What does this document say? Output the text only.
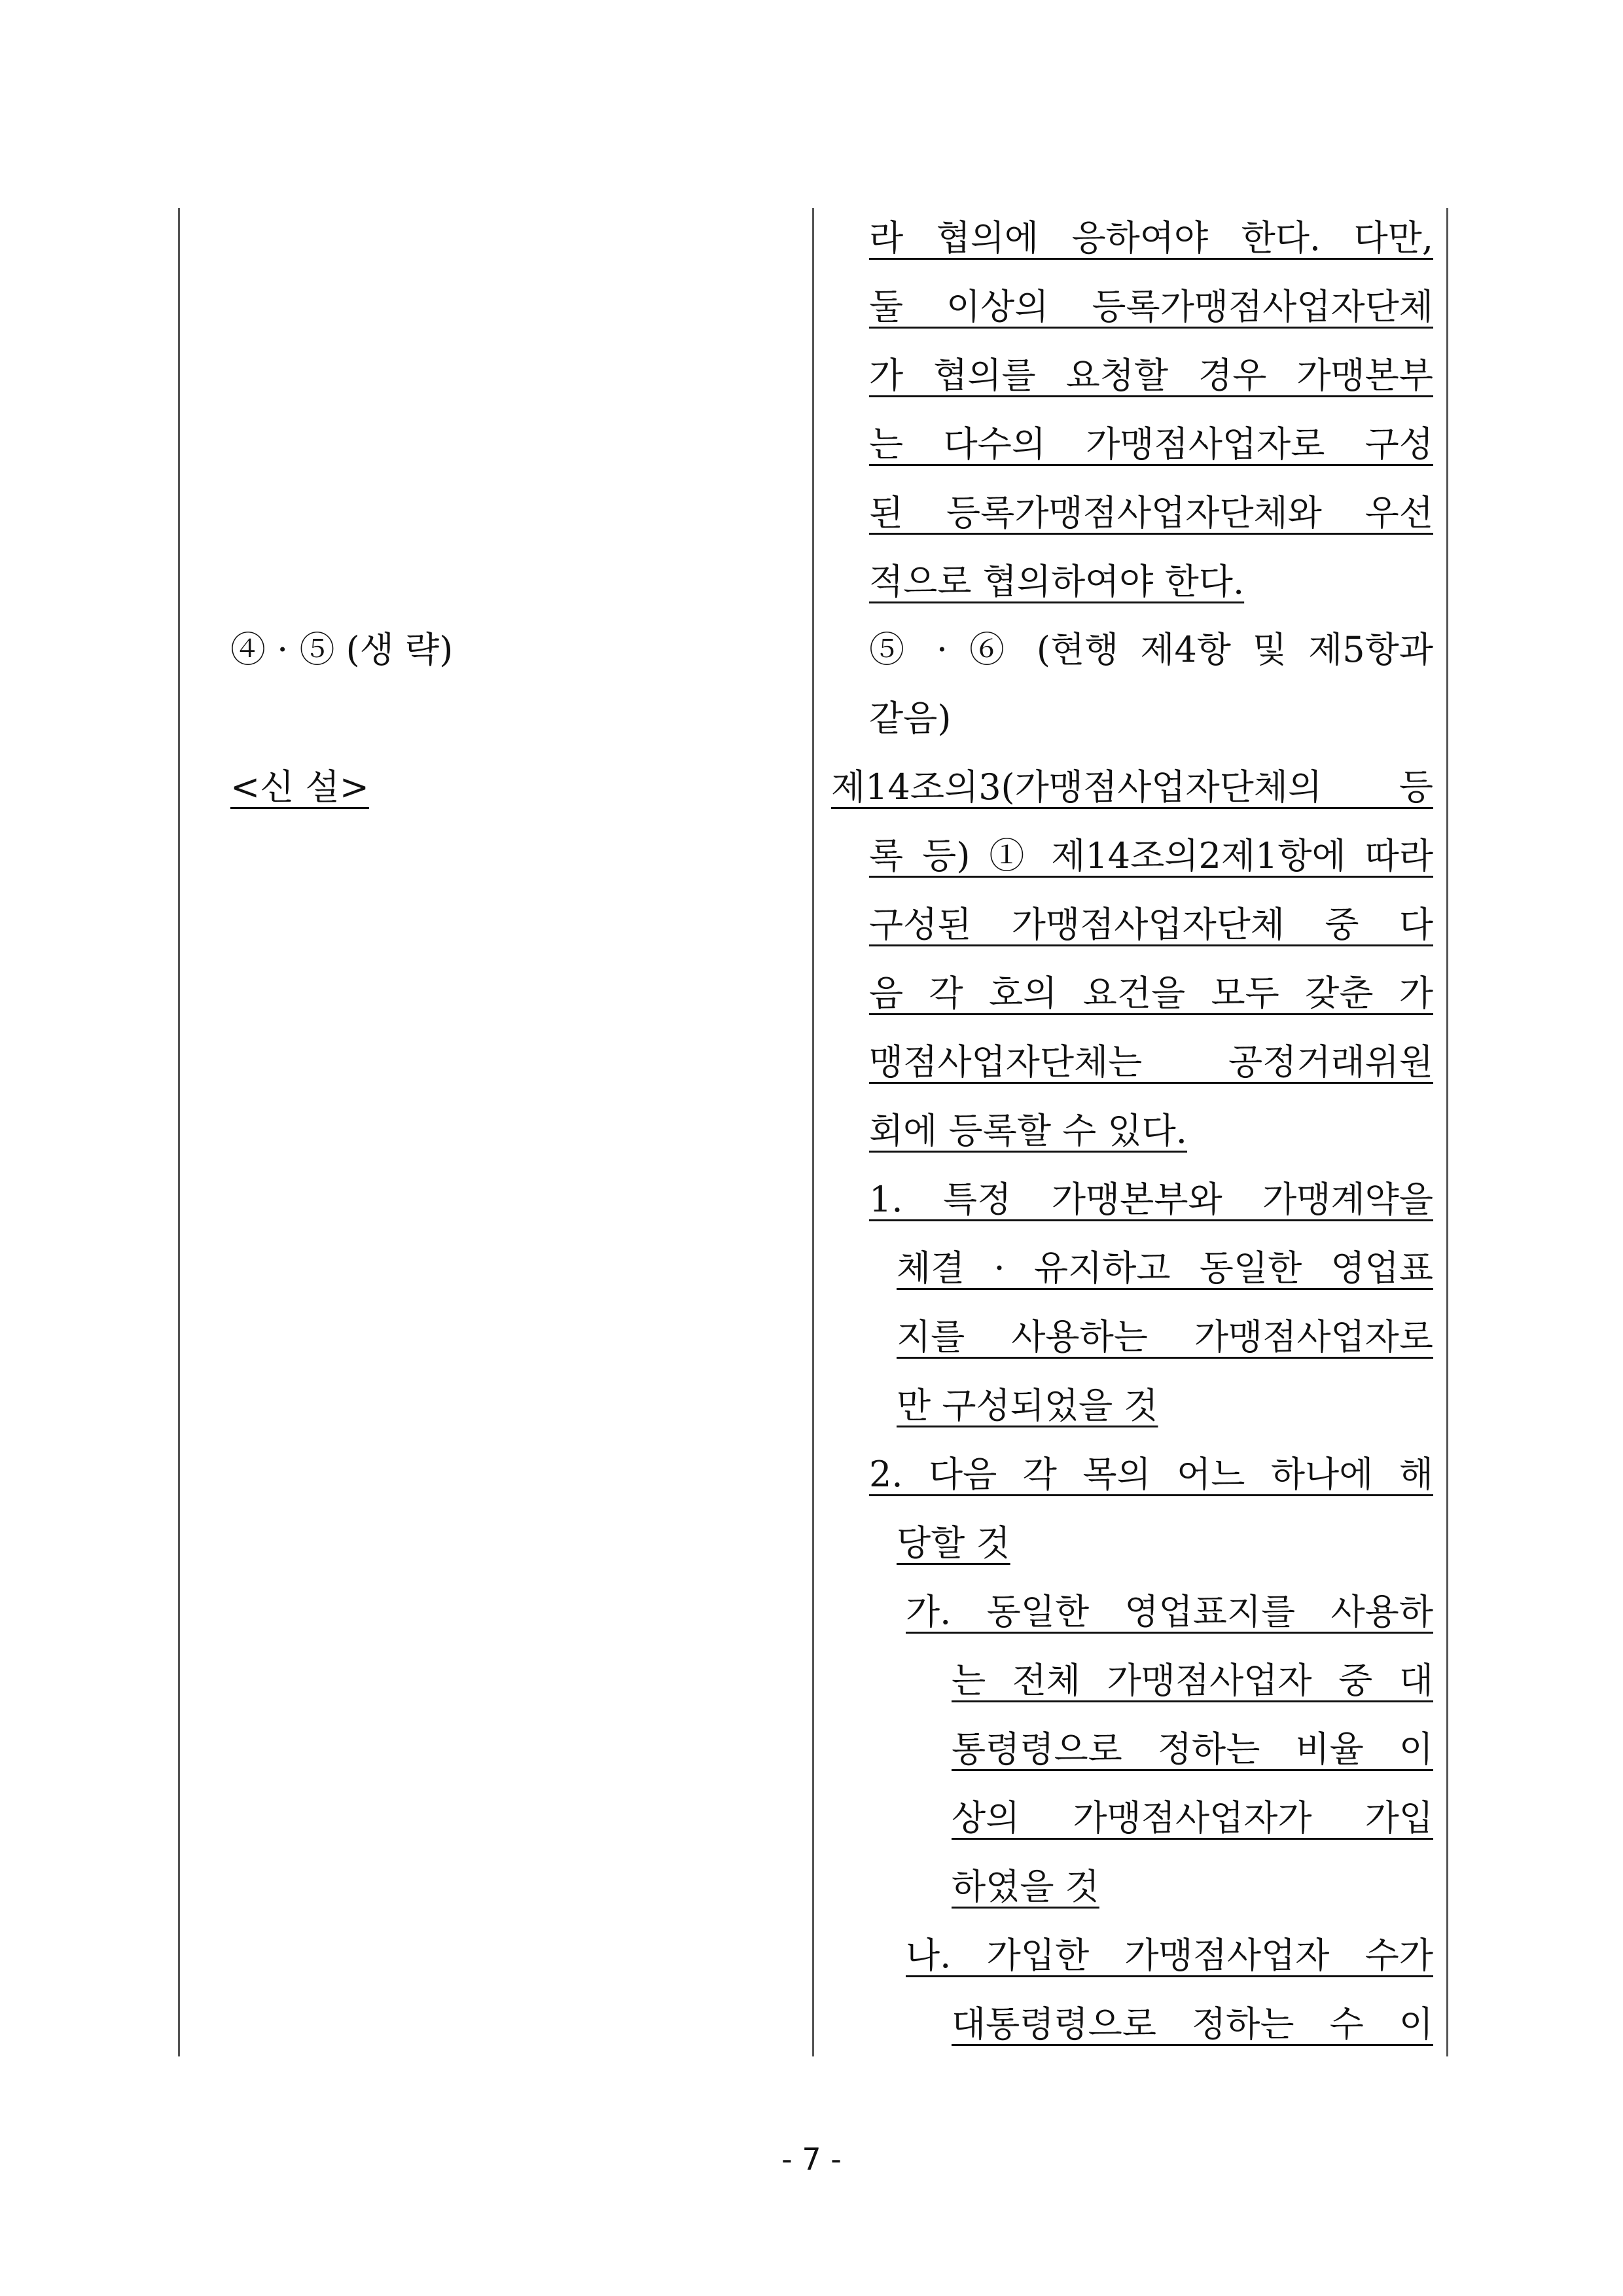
④ · ⑤ (생 략)
<신 설>
라 협의에 응하여야 한다. 다만,
둘 이상의 등록가맹점사업자단체
가 협의를 요청할 경우 가맹본부
는 다수의 가맹점사업자로 구성
된 등록가맹점사업자단체와 우선
적으로 협의하여야 한다.
⑤ · ⑥ (현행 제4항 및 제5항과
같음)
제14조의3(가맹점사업자단체의 등
록 등) ① 제14조의2제1항에 따라
구성된 가맹점사업자단체 중 다
음 각 호의 요건을 모두 갖춘 가
맹점사업자단체는 공정거래위원
회에 등록할 수 있다.
1. 특정 가맹본부와 가맹계약을
체결 · 유지하고 동일한 영업표
지를 사용하는 가맹점사업자로
만 구성되었을 것
2. 다음 각 목의 어느 하나에 해
당할 것
가. 동일한 영업표지를 사용하
는 전체 가맹점사업자 중 대
통령령으로 정하는 비율 이
상의 가맹점사업자가 가입
하였을 것
나. 가입한 가맹점사업자 수가
대통령령으로 정하는 수 이
- 7 -
